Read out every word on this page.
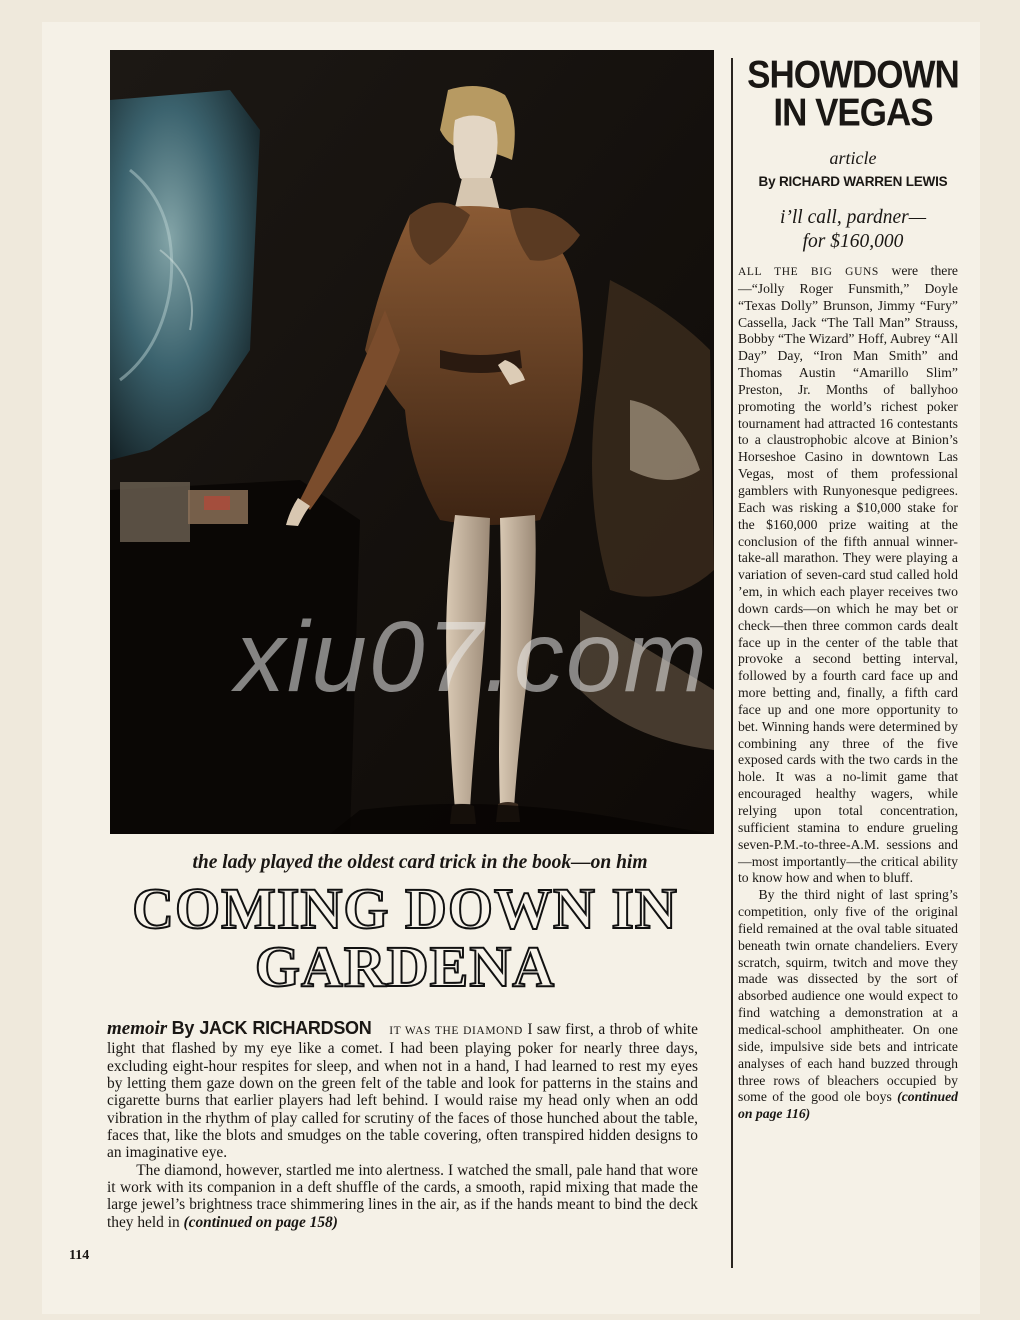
xiu07.com
the lady played the oldest card trick in the book—on him
COMING DOWN IN
GARDENA

memoir By JACK RICHARDSON IT WAS THE DIAMOND I saw first, a throb of white light that flashed by my eye like a comet. I had been playing poker for nearly three days, excluding eight-hour respites for sleep, and when not in a hand, I had learned to rest my eyes by letting them gaze down on the green felt of the table and look for patterns in the stains and cigarette burns that earlier players had left behind. I would raise my head only when an odd vibration in the rhythm of play called for scrutiny of the faces of those hunched about the table, faces that, like the blots and smudges on the table covering, often transpired hidden designs to an imaginative eye.

The diamond, however, startled me into alertness. I watched the small, pale hand that wore it work with its companion in a deft shuffle of the cards, a smooth, rapid mixing that made the large jewel’s brightness trace shimmering lines in the air, as if the hands meant to bind the deck they held in (continued on page 158)

114
SHOWDOWN
IN VEGAS
article
By RICHARD WARREN LEWIS
i’ll call, pardner—
for $160,000

ALL THE BIG GUNS were there—“Jolly Roger Funsmith,” Doyle “Texas Dolly” Brunson, Jimmy “Fury” Cassella, Jack “The Tall Man” Strauss, Bobby “The Wizard” Hoff, Aubrey “All Day” Day, “Iron Man Smith” and Thomas Austin “Amarillo Slim” Preston, Jr. Months of ballyhoo promoting the world’s richest poker tournament had attracted 16 contestants to a claustrophobic alcove at Binion’s Horseshoe Casino in downtown Las Vegas, most of them professional gamblers with Runyonesque pedigrees. Each was risking a $10,000 stake for the $160,000 prize waiting at the conclusion of the fifth annual winner-take-all marathon. They were playing a variation of seven-card stud called hold ’em, in which each player receives two down cards—on which he may bet or check—then three common cards dealt face up in the center of the table that provoke a second betting interval, followed by a fourth card face up and more betting and, finally, a fifth card face up and one more opportunity to bet. Winning hands were determined by combining any three of the five exposed cards with the two cards in the hole. It was a no-limit game that encouraged healthy wagers, while relying upon total concentration, sufficient stamina to endure grueling seven-P.M.-to-three-A.M. sessions and—most importantly—the critical ability to know how and when to bluff.

By the third night of last spring’s competition, only five of the original field remained at the oval table situated beneath twin ornate chandeliers. Every scratch, squirm, twitch and move they made was dissected by the sort of absorbed audience one would expect to find watching a demonstration at a medical-school amphitheater. On one side, impulsive side bets and intricate analyses of each hand buzzed through three rows of bleachers occupied by some of the good ole boys (continued on page 116)
